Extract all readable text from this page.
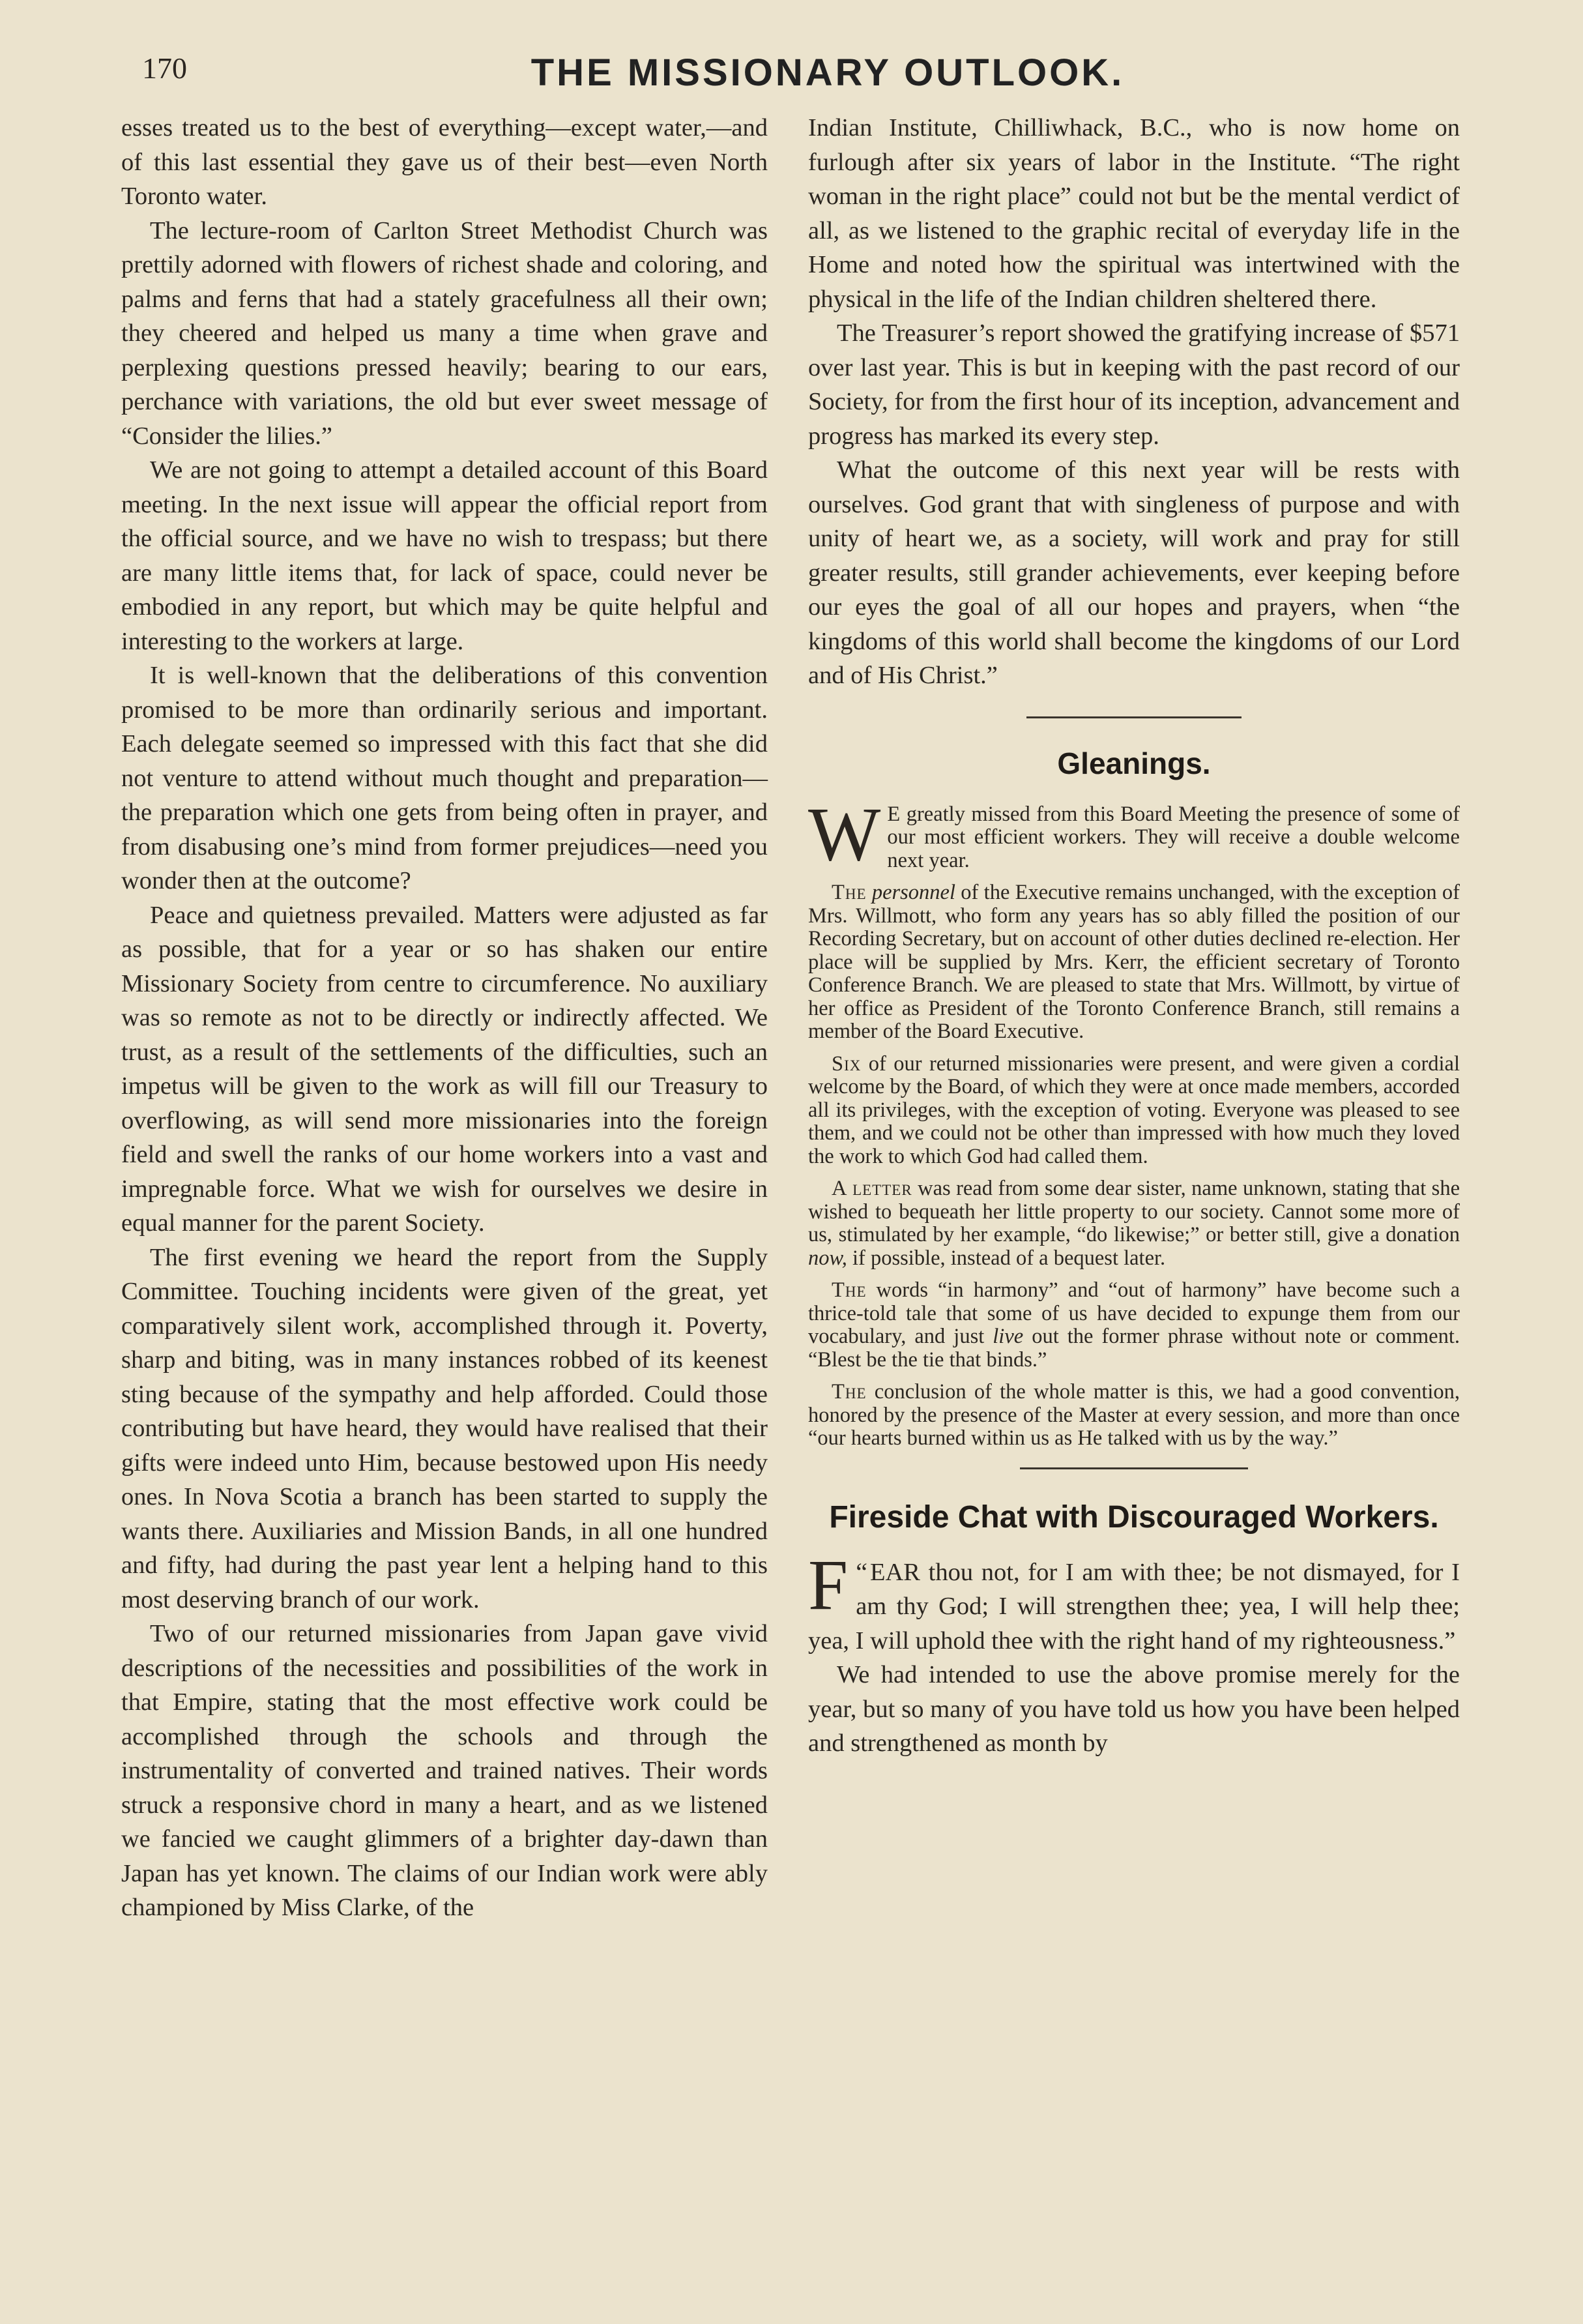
170	THE MISSIONARY OUTLOOK.

esses treated us to the best of everything—except water,—and of this last essential they gave us of their best—even North Toronto water.

The lecture-room of Carlton Street Methodist Church was prettily adorned with flowers of richest shade and coloring, and palms and ferns that had a stately gracefulness all their own; they cheered and helped us many a time when grave and perplexing questions pressed heavily; bearing to our ears, perchance with variations, the old but ever sweet message of “Consider the lilies.”

We are not going to attempt a detailed account of this Board meeting. In the next issue will appear the official report from the official source, and we have no wish to trespass; but there are many little items that, for lack of space, could never be embodied in any report, but which may be quite helpful and interesting to the workers at large.

It is well-known that the deliberations of this convention promised to be more than ordinarily serious and important. Each delegate seemed so impressed with this fact that she did not venture to attend without much thought and preparation—the preparation which one gets from being often in prayer, and from disabusing one’s mind from former prejudices—need you wonder then at the outcome?

Peace and quietness prevailed. Matters were adjusted as far as possible, that for a year or so has shaken our entire Missionary Society from centre to circumference. No auxiliary was so remote as not to be directly or indirectly affected. We trust, as a result of the settlements of the difficulties, such an impetus will be given to the work as will fill our Treasury to overflowing, as will send more missionaries into the foreign field and swell the ranks of our home workers into a vast and impregnable force. What we wish for ourselves we desire in equal manner for the parent Society.

The first evening we heard the report from the Supply Committee. Touching incidents were given of the great, yet comparatively silent work, accomplished through it. Poverty, sharp and biting, was in many instances robbed of its keenest sting because of the sympathy and help afforded. Could those contributing but have heard, they would have realised that their gifts were indeed unto Him, because bestowed upon His needy ones. In Nova Scotia a branch has been started to supply the wants there. Auxiliaries and Mission Bands, in all one hundred and fifty, had during the past year lent a helping hand to this most deserving branch of our work.

Two of our returned missionaries from Japan gave vivid descriptions of the necessities and possibilities of the work in that Empire, stating that the most effective work could be accomplished through the schools and through the instrumentality of converted and trained natives. Their words struck a responsive chord in many a heart, and as we listened we fancied we caught glimmers of a brighter day-dawn than Japan has yet known. The claims of our Indian work were ably championed by Miss Clarke, of the

Indian Institute, Chilliwhack, B.C., who is now home on furlough after six years of labor in the Institute. “The right woman in the right place” could not but be the mental verdict of all, as we listened to the graphic recital of everyday life in the Home and noted how the spiritual was intertwined with the physical in the life of the Indian children sheltered there.

The Treasurer’s report showed the gratifying increase of $571 over last year. This is but in keeping with the past record of our Society, for from the first hour of its inception, advancement and progress has marked its every step.

What the outcome of this next year will be rests with ourselves. God grant that with singleness of purpose and with unity of heart we, as a society, will work and pray for still greater results, still grander achievements, ever keeping before our eyes the goal of all our hopes and prayers, when “the kingdoms of this world shall become the kingdoms of our Lord and of His Christ.”

Gleanings.

W E greatly missed from this Board Meeting the presence of some of our most efficient workers. They will receive a double welcome next year.

The personnel of the Executive remains unchanged, with the exception of Mrs. Willmott, who form any years has so ably filled the position of our Recording Secretary, but on account of other duties declined re-election. Her place will be supplied by Mrs. Kerr, the efficient secretary of Toronto Conference Branch. We are pleased to state that Mrs. Willmott, by virtue of her office as President of the Toronto Conference Branch, still remains a member of the Board Executive.

Six of our returned missionaries were present, and were given a cordial welcome by the Board, of which they were at once made members, accorded all its privileges, with the exception of voting. Everyone was pleased to see them, and we could not be other than impressed with how much they loved the work to which God had called them.

A letter was read from some dear sister, name unknown, stating that she wished to bequeath her little property to our society. Cannot some more of us, stimulated by her example, “do likewise;” or better still, give a donation now, if possible, instead of a bequest later.

The words “in harmony” and “out of harmony” have become such a thrice-told tale that some of us have decided to expunge them from our vocabulary, and just live out the former phrase without note or comment. “Blest be the tie that binds.”

The conclusion of the whole matter is this, we had a good convention, honored by the presence of the Master at every session, and more than once “our hearts burned within us as He talked with us by the way.”

Fireside Chat with Discouraged Workers.

“
F EAR thou not, for I am with thee; be not dismayed, for I am thy God; I will strengthen thee; yea, I will help thee; yea, I will uphold thee with the right hand of my righteousness.”

We had intended to use the above promise merely for the year, but so many of you have told us how you have been helped and strengthened as month by
